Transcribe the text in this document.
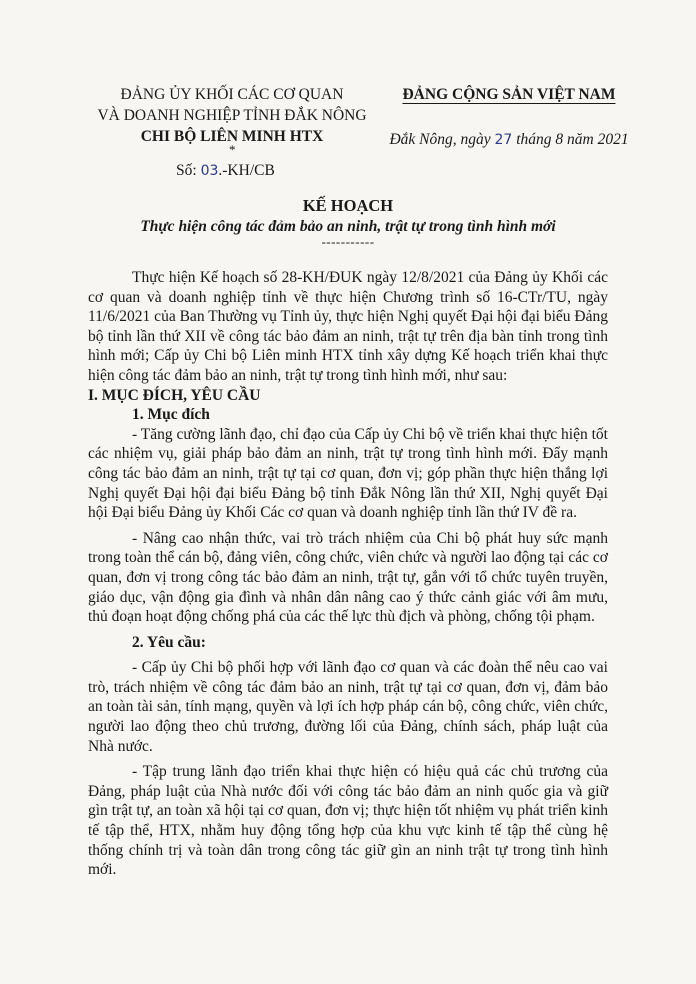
ĐẢNG ỦY KHỐI CÁC CƠ QUAN
VÀ DOANH NGHIỆP TỈNH ĐẮK NÔNG
CHI BỘ LIÊN MINH HTX
*
Số: 03.-KH/CB
ĐẢNG CỘNG SẢN VIỆT NAM
Đắk Nông, ngày 27 tháng 8 năm 2021
KẾ HOẠCH
Thực hiện công tác đảm bảo an ninh, trật tự trong tình hình mới
-----------

Thực hiện Kế hoạch số 28-KH/ĐUK ngày 12/8/2021 của Đảng ủy Khối các cơ quan và doanh nghiệp tỉnh về thực hiện Chương trình số 16-CTr/TU, ngày 11/6/2021 của Ban Thường vụ Tỉnh ủy, thực hiện Nghị quyết Đại hội đại biểu Đảng bộ tỉnh lần thứ XII về công tác bảo đảm an ninh, trật tự trên địa bàn tỉnh trong tình hình mới; Cấp ủy Chi bộ Liên minh HTX tỉnh xây dựng Kế hoạch triển khai thực hiện công tác đảm bảo an ninh, trật tự trong tình hình mới, như sau:

I. MỤC ĐÍCH, YÊU CẦU

1. Mục đích

- Tăng cường lãnh đạo, chỉ đạo của Cấp ủy Chi bộ về triển khai thực hiện tốt các nhiệm vụ, giải pháp bảo đảm an ninh, trật tự trong tình hình mới. Đẩy mạnh công tác bảo đảm an ninh, trật tự tại cơ quan, đơn vị; góp phần thực hiện thắng lợi Nghị quyết Đại hội đại biểu Đảng bộ tỉnh Đắk Nông lần thứ XII, Nghị quyết Đại hội Đại biểu Đảng ủy Khối Các cơ quan và doanh nghiệp tỉnh lần thứ IV đề ra.

- Nâng cao nhận thức, vai trò trách nhiệm của Chi bộ phát huy sức mạnh trong toàn thể cán bộ, đảng viên, công chức, viên chức và người lao động tại các cơ quan, đơn vị trong công tác bảo đảm an ninh, trật tự, gắn với tổ chức tuyên truyền, giáo dục, vận động gia đình và nhân dân nâng cao ý thức cảnh giác với âm mưu, thủ đoạn hoạt động chống phá của các thế lực thù địch và phòng, chống tội phạm.

2. Yêu cầu:

- Cấp ủy Chi bộ phối hợp với lãnh đạo cơ quan và các đoàn thể nêu cao vai trò, trách nhiệm về công tác đảm bảo an ninh, trật tự tại cơ quan, đơn vị, đảm bảo an toàn tài sản, tính mạng, quyền và lợi ích hợp pháp cán bộ, công chức, viên chức, người lao động theo chủ trương, đường lối của Đảng, chính sách, pháp luật của Nhà nước.

- Tập trung lãnh đạo triển khai thực hiện có hiệu quả các chủ trương của Đảng, pháp luật của Nhà nước đối với công tác bảo đảm an ninh quốc gia và giữ gìn trật tự, an toàn xã hội tại cơ quan, đơn vị; thực hiện tốt nhiệm vụ phát triển kinh tế tập thể, HTX, nhằm huy động tổng hợp của khu vực kinh tế tập thể cùng hệ thống chính trị và toàn dân trong công tác giữ gìn an ninh trật tự trong tình hình mới.
